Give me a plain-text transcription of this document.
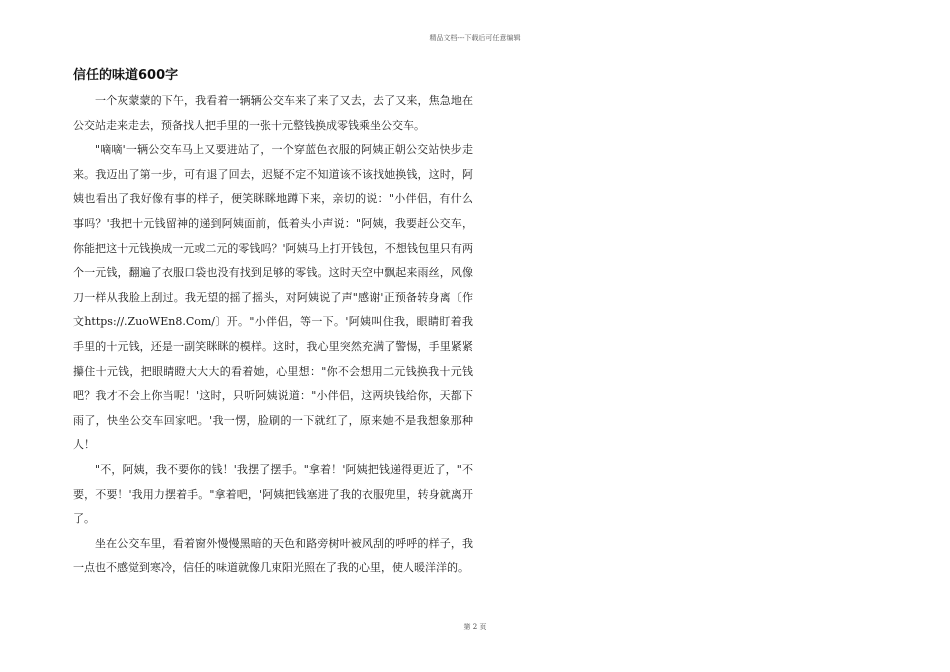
精品文档---下载后可任意编辑
信任的味道600字

一个灰蒙蒙的下午，我看着一辆辆公交车来了来了又去，去了又来，焦急地在公交站走来走去，预备找人把手里的一张十元整钱换成零钱乘坐公交车。

"嘀嘀'一辆公交车马上又要进站了，一个穿蓝色衣服的阿姨正朝公交站快步走来。我迈出了第一步，可有退了回去，迟疑不定不知道该不该找她换钱，这时，阿姨也看出了我好像有事的样子，便笑眯眯地蹲下来，亲切的说："小伴侣，有什么事吗？'我把十元钱留神的递到阿姨面前，低着头小声说："阿姨，我要赶公交车，你能把这十元钱换成一元或二元的零钱吗？'阿姨马上打开钱包，不想钱包里只有两个一元钱，翻遍了衣服口袋也没有找到足够的零钱。这时天空中飘起来雨丝，风像刀一样从我脸上刮过。我无望的摇了摇头，对阿姨说了声"感谢'正预备转身离〔作文https://.ZuoWEn8.Com/〕开。"小伴侣，等一下。'阿姨叫住我，眼睛盯着我手里的十元钱，还是一副笑眯眯的模样。这时，我心里突然充满了警惕，手里紧紧攥住十元钱，把眼睛瞪大大大的看着她，心里想："你不会想用二元钱换我十元钱吧？我才不会上你当呢！'这时，只听阿姨说道："小伴侣，这两块钱给你，天都下雨了，快坐公交车回家吧。'我一愣，脸刷的一下就红了，原来她不是我想象那种人！

"不，阿姨，我不要你的钱！'我摆了摆手。"拿着！'阿姨把钱递得更近了，"不要，不要！'我用力摆着手。"拿着吧，'阿姨把钱塞进了我的衣服兜里，转身就离开了。

坐在公交车里，看着窗外慢慢黑暗的天色和路旁树叶被风刮的呼呼的样子，我一点也不感觉到寒冷，信任的味道就像几束阳光照在了我的心里，使人暖洋洋的。

第 2 页
